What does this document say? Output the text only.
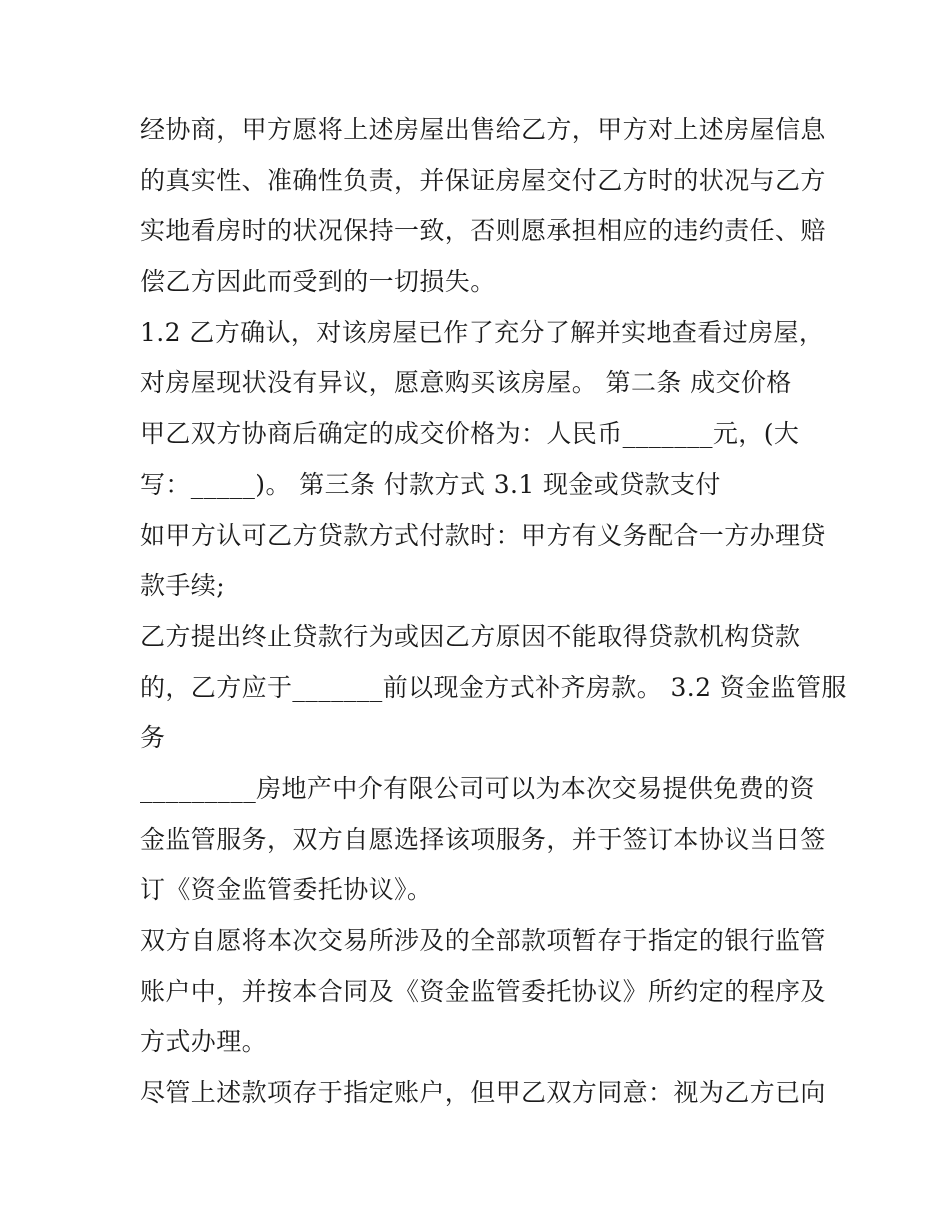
经协商，甲方愿将上述房屋出售给乙方，甲方对上述房屋信息
的真实性、准确性负责，并保证房屋交付乙方时的状况与乙方
实地看房时的状况保持一致，否则愿承担相应的违约责任、赔
偿乙方因此而受到的一切损失。
1.2 乙方确认，对该房屋已作了充分了解并实地查看过房屋，
对房屋现状没有异议，愿意购买该房屋。 第二条 成交价格
甲乙双方协商后确定的成交价格为：人民币_______元，(大
写：_____)。 第三条 付款方式 3.1 现金或贷款支付
如甲方认可乙方贷款方式付款时：甲方有义务配合一方办理贷
款手续;
乙方提出终止贷款行为或因乙方原因不能取得贷款机构贷款
的，乙方应于_______前以现金方式补齐房款。 3.2 资金监管服
务
_________房地产中介有限公司可以为本次交易提供免费的资
金监管服务，双方自愿选择该项服务，并于签订本协议当日签
订《资金监管委托协议》。
双方自愿将本次交易所涉及的全部款项暂存于指定的银行监管
账户中，并按本合同及《资金监管委托协议》所约定的程序及
方式办理。
尽管上述款项存于指定账户，但甲乙双方同意：视为乙方已向
